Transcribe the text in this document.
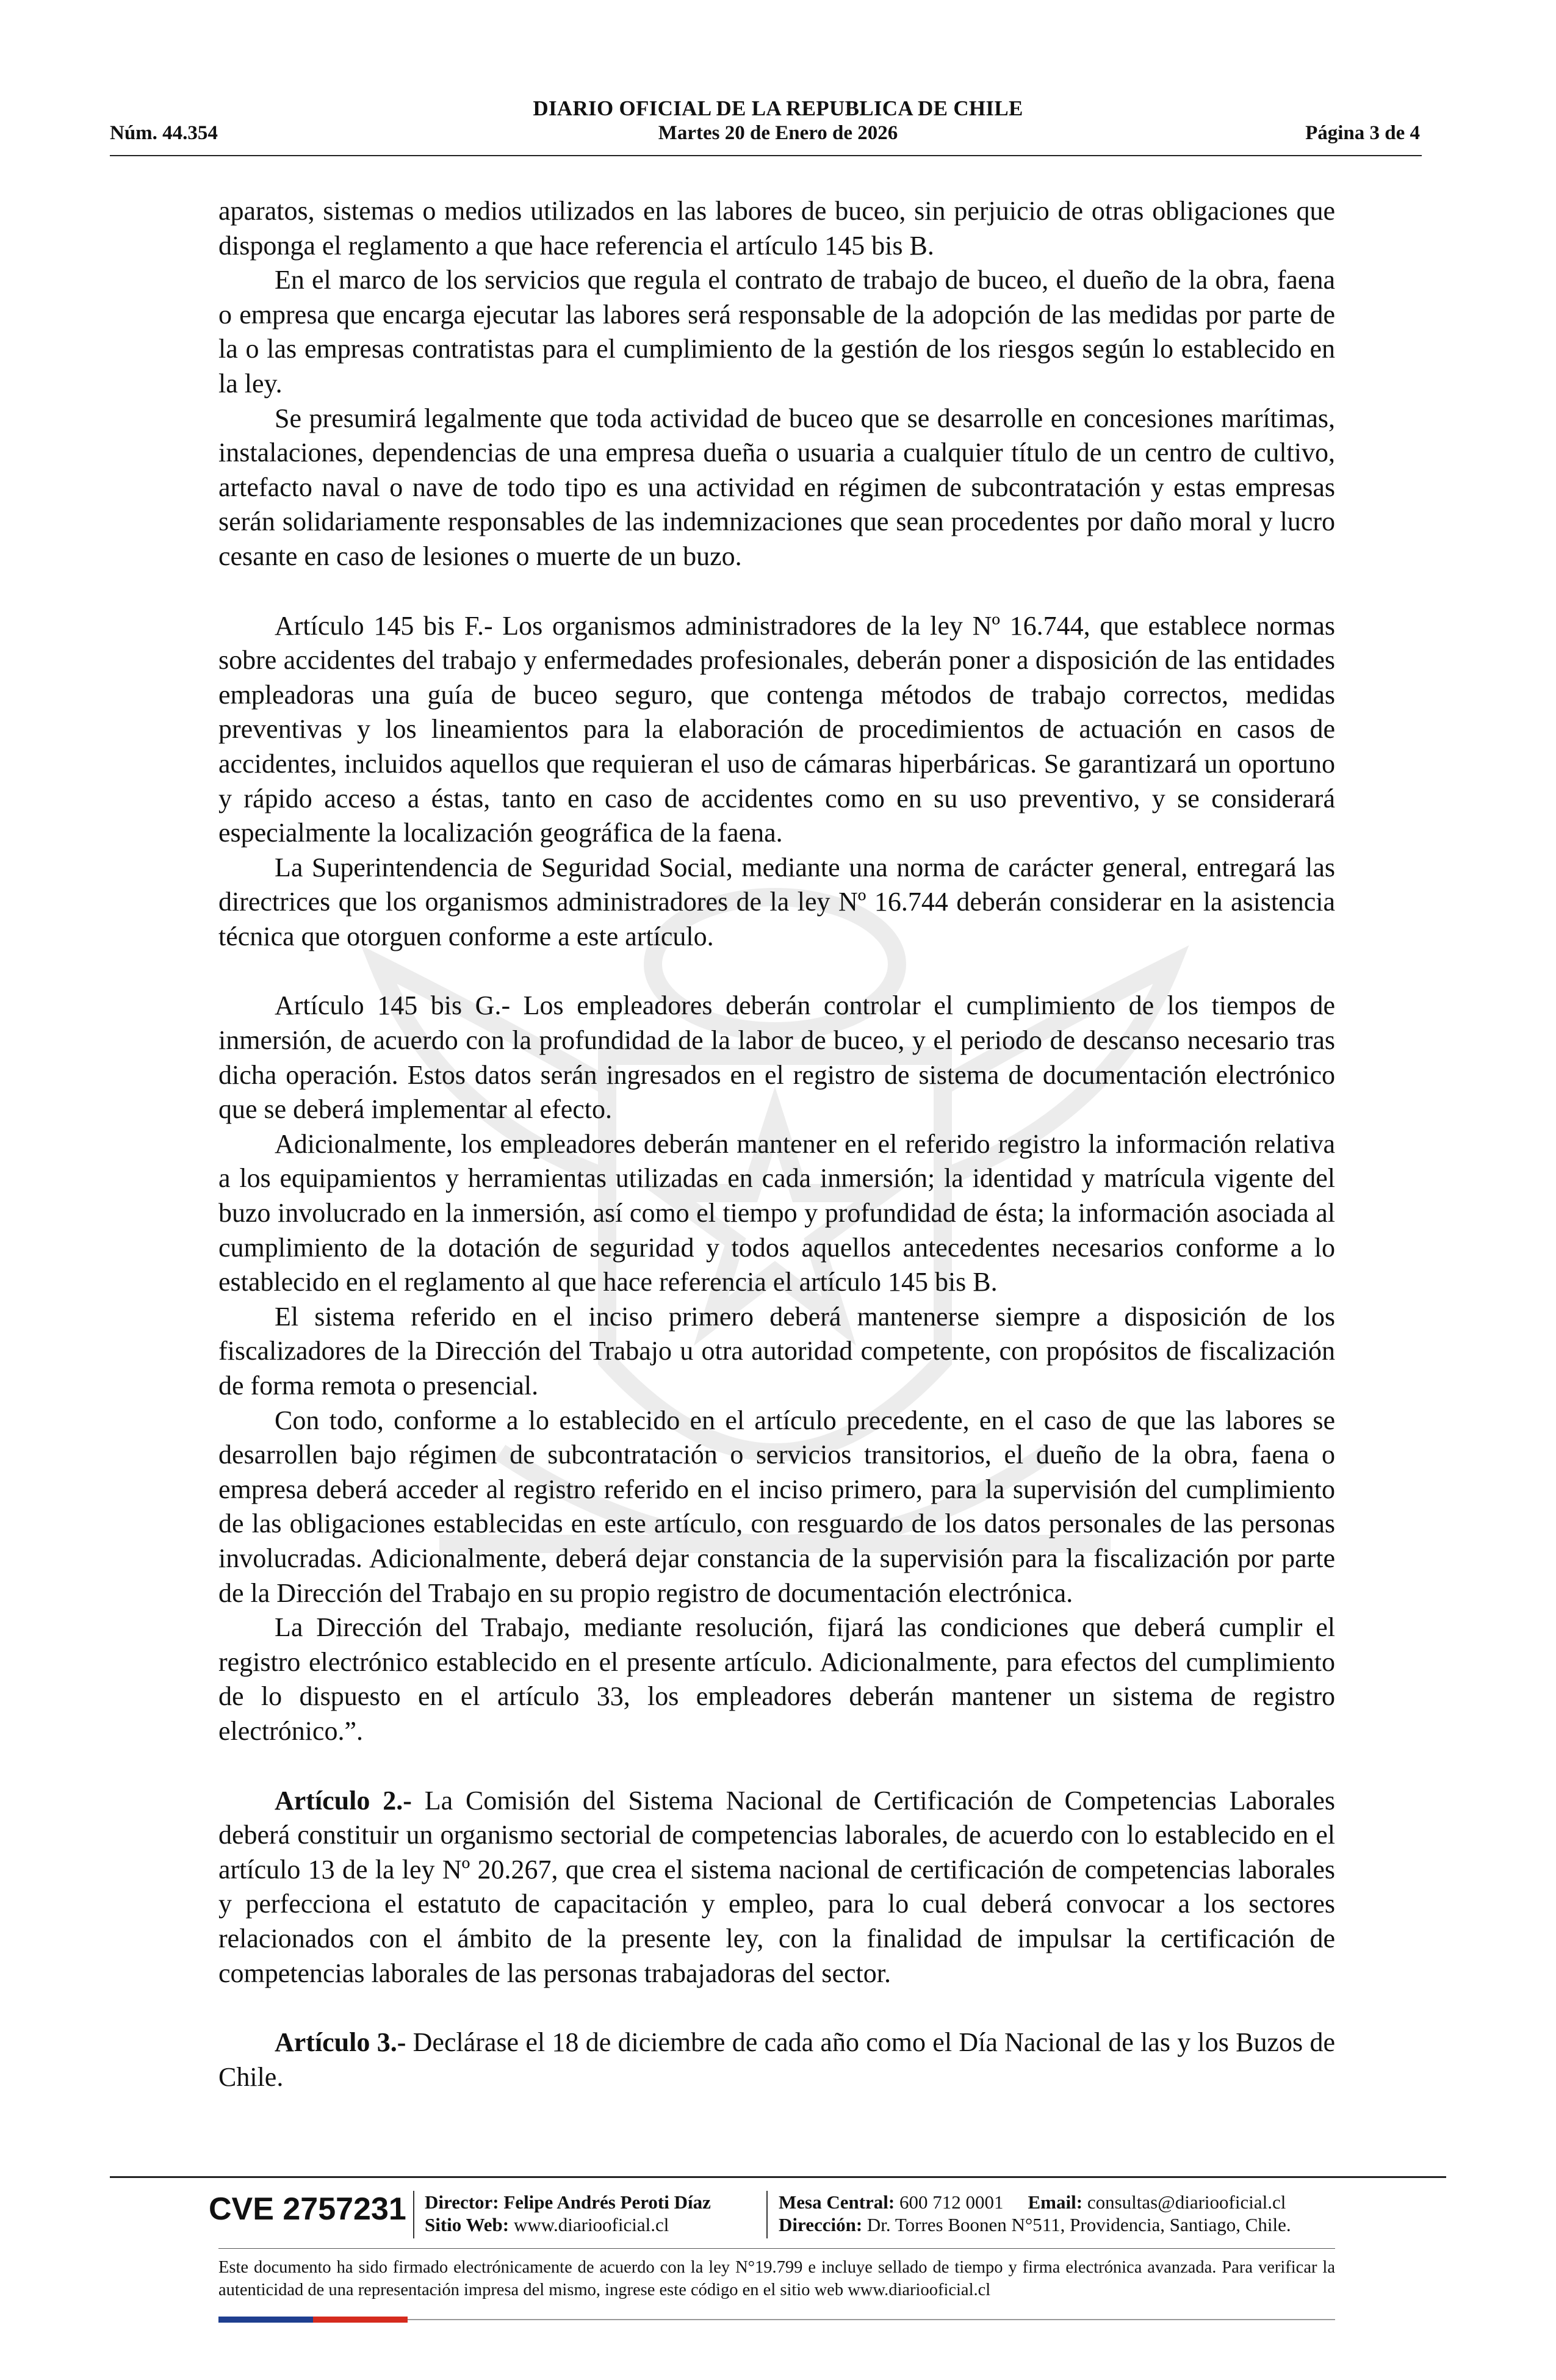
DIARIO OFICIAL DE LA REPUBLICA DE CHILE
Núm. 44.354	Martes 20 de Enero de 2026	Página 3 de 4

aparatos, sistemas o medios utilizados en las labores de buceo, sin perjuicio de otras obligaciones que disponga el reglamento a que hace referencia el artículo 145 bis B.

En el marco de los servicios que regula el contrato de trabajo de buceo, el dueño de la obra, faena o empresa que encarga ejecutar las labores será responsable de la adopción de las medidas por parte de la o las empresas contratistas para el cumplimiento de la gestión de los riesgos según lo establecido en la ley.

Se presumirá legalmente que toda actividad de buceo que se desarrolle en concesiones marítimas, instalaciones, dependencias de una empresa dueña o usuaria a cualquier título de un centro de cultivo, artefacto naval o nave de todo tipo es una actividad en régimen de subcontratación y estas empresas serán solidariamente responsables de las indemnizaciones que sean procedentes por daño moral y lucro cesante en caso de lesiones o muerte de un buzo.

Artículo 145 bis F.- Los organismos administradores de la ley Nº 16.744, que establece normas sobre accidentes del trabajo y enfermedades profesionales, deberán poner a disposición de las entidades empleadoras una guía de buceo seguro, que contenga métodos de trabajo correctos, medidas preventivas y los lineamientos para la elaboración de procedimientos de actuación en casos de accidentes, incluidos aquellos que requieran el uso de cámaras hiperbáricas. Se garantizará un oportuno y rápido acceso a éstas, tanto en caso de accidentes como en su uso preventivo, y se considerará especialmente la localización geográfica de la faena.

La Superintendencia de Seguridad Social, mediante una norma de carácter general, entregará las directrices que los organismos administradores de la ley Nº 16.744 deberán considerar en la asistencia técnica que otorguen conforme a este artículo.

Artículo 145 bis G.- Los empleadores deberán controlar el cumplimiento de los tiempos de inmersión, de acuerdo con la profundidad de la labor de buceo, y el periodo de descanso necesario tras dicha operación. Estos datos serán ingresados en el registro de sistema de documentación electrónico que se deberá implementar al efecto.

Adicionalmente, los empleadores deberán mantener en el referido registro la información relativa a los equipamientos y herramientas utilizadas en cada inmersión; la identidad y matrícula vigente del buzo involucrado en la inmersión, así como el tiempo y profundidad de ésta; la información asociada al cumplimiento de la dotación de seguridad y todos aquellos antecedentes necesarios conforme a lo establecido en el reglamento al que hace referencia el artículo 145 bis B.

El sistema referido en el inciso primero deberá mantenerse siempre a disposición de los fiscalizadores de la Dirección del Trabajo u otra autoridad competente, con propósitos de fiscalización de forma remota o presencial.

Con todo, conforme a lo establecido en el artículo precedente, en el caso de que las labores se desarrollen bajo régimen de subcontratación o servicios transitorios, el dueño de la obra, faena o empresa deberá acceder al registro referido en el inciso primero, para la supervisión del cumplimiento de las obligaciones establecidas en este artículo, con resguardo de los datos personales de las personas involucradas. Adicionalmente, deberá dejar constancia de la supervisión para la fiscalización por parte de la Dirección del Trabajo en su propio registro de documentación electrónica.

La Dirección del Trabajo, mediante resolución, fijará las condiciones que deberá cumplir el registro electrónico establecido en el presente artículo. Adicionalmente, para efectos del cumplimiento de lo dispuesto en el artículo 33, los empleadores deberán mantener un sistema de registro electrónico.”.

Artículo 2.- La Comisión del Sistema Nacional de Certificación de Competencias Laborales deberá constituir un organismo sectorial de competencias laborales, de acuerdo con lo establecido en el artículo 13 de la ley Nº 20.267, que crea el sistema nacional de certificación de competencias laborales y perfecciona el estatuto de capacitación y empleo, para lo cual deberá convocar a los sectores relacionados con el ámbito de la presente ley, con la finalidad de impulsar la certificación de competencias laborales de las personas trabajadoras del sector.

Artículo 3.- Declárase el 18 de diciembre de cada año como el Día Nacional de las y los Buzos de Chile.

CVE 2757231 Director: Felipe Andrés Peroti Díaz
Sitio Web: www.diariooficial.cl
Mesa Central: 600 712 0001 Email: consultas@diariooficial.cl
Dirección: Dr. Torres Boonen N°511, Providencia, Santiago, Chile.
Este documento ha sido firmado electrónicamente de acuerdo con la ley N°19.799 e incluye sellado de tiempo y firma electrónica avanzada. Para verificar la autenticidad de una representación impresa del mismo, ingrese este código en el sitio web www.diariooficial.cl
